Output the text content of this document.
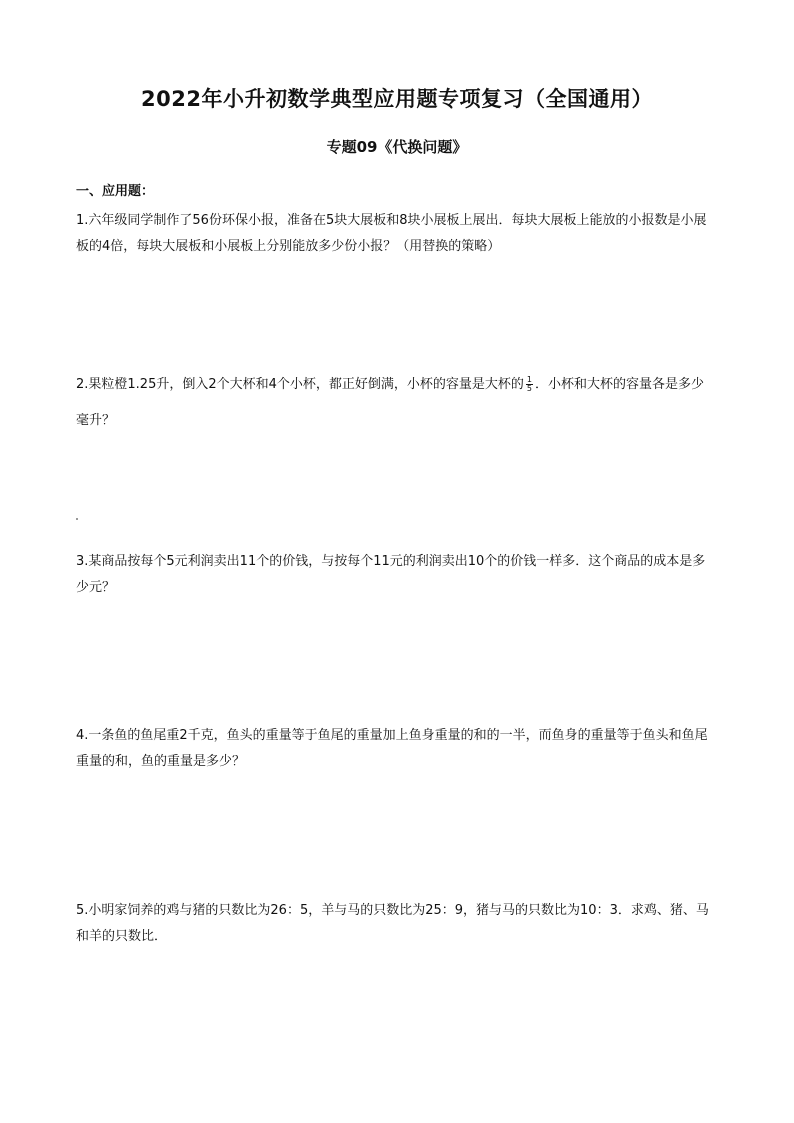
2022年小升初数学典型应用题专项复习（全国通用）
专题09《代换问题》
一、应用题：
1.六年级同学制作了56份环保小报，准备在5块大展板和8块小展板上展出．每块大展板上能放的小报数是小展板的4倍，每块大展板和小展板上分别能放多少份小报？（用替换的策略）
2.果粒橙1.25升，倒入2个大杯和4个小杯，都正好倒满，小杯的容量是大杯的 $\frac{1}{5}$ ．小杯和大杯的容量各是多少毫升？
3.某商品按每个5元利润卖出11个的价钱，与按每个11元的利润卖出10个的价钱一样多．这个商品的成本是多少元？
4.一条鱼的鱼尾重2千克，鱼头的重量等于鱼尾的重量加上鱼身重量的和的一半，而鱼身的重量等于鱼头和鱼尾重量的和，鱼的重量是多少？
5.小明家饲养的鸡与猪的只数比为26：5，羊与马的只数比为25：9，猪与马的只数比为10：3．求鸡、猪、马和羊的只数比．
